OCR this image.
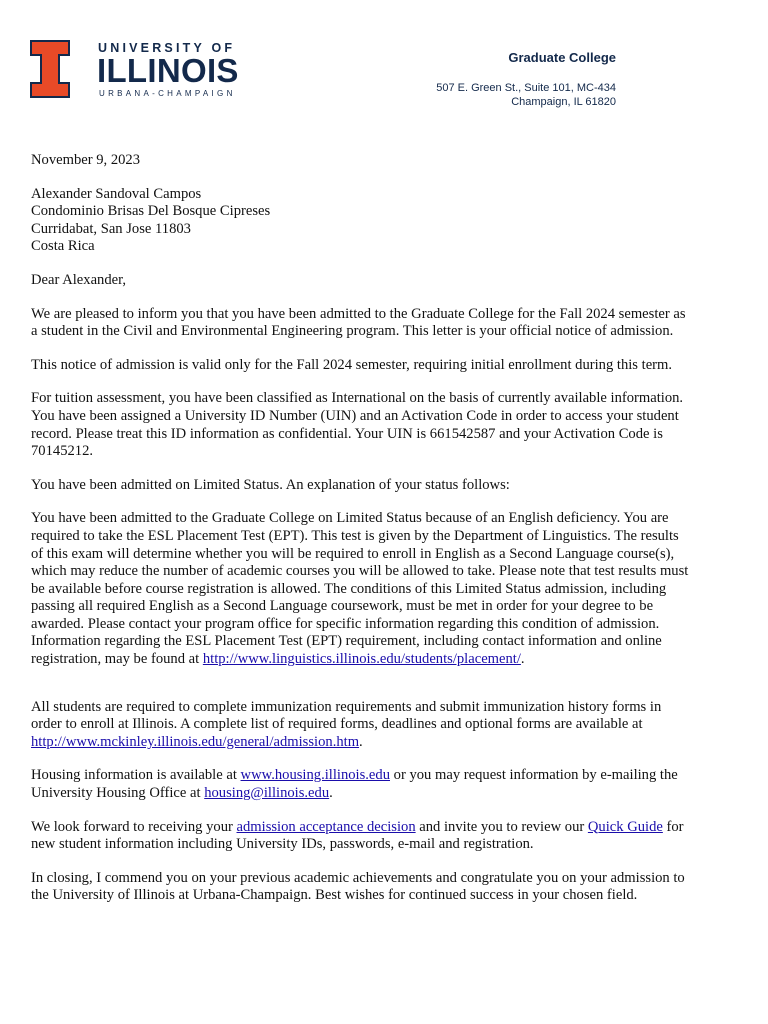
UNIVERSITY OF
ILLINOIS
URBANA-CHAMPAIGN
Graduate College
507 E. Green St., Suite 101, MC-434
Champaign, IL 61820

November 9, 2023

Alexander Sandoval Campos
Condominio Brisas Del Bosque Cipreses
Curridabat, San Jose 11803
Costa Rica

Dear Alexander,

We are pleased to inform you that you have been admitted to the Graduate College for the Fall 2024 semester as a student in the Civil and Environmental Engineering program. This letter is your official notice of admission.

This notice of admission is valid only for the Fall 2024 semester, requiring initial enrollment during this term.

For tuition assessment, you have been classified as International on the basis of currently available information. You have been assigned a University ID Number (UIN) and an Activation Code in order to access your student record. Please treat this ID information as confidential. Your UIN is 661542587 and your Activation Code is 70145212.

You have been admitted on Limited Status. An explanation of your status follows:

You have been admitted to the Graduate College on Limited Status because of an English deficiency. You are required to take the ESL Placement Test (EPT). This test is given by the Department of Linguistics. The results of this exam will determine whether you will be required to enroll in English as a Second Language course(s), which may reduce the number of academic courses you will be allowed to take. Please note that test results must be available before course registration is allowed. The conditions of this Limited Status admission, including passing all required English as a Second Language coursework, must be met in order for your degree to be awarded. Please contact your program office for specific information regarding this condition of admission. Information regarding the ESL Placement Test (EPT) requirement, including contact information and online registration, may be found at http://www.linguistics.illinois.edu/students/placement/.

All students are required to complete immunization requirements and submit immunization history forms in order to enroll at Illinois. A complete list of required forms, deadlines and optional forms are available at http://www.mckinley.illinois.edu/general/admission.htm.

Housing information is available at www.housing.illinois.edu or you may request information by e-mailing the University Housing Office at housing@illinois.edu.

We look forward to receiving your admission acceptance decision and invite you to review our Quick Guide for new student information including University IDs, passwords, e-mail and registration.

In closing, I commend you on your previous academic achievements and congratulate you on your admission to the University of Illinois at Urbana-Champaign. Best wishes for continued success in your chosen field.
